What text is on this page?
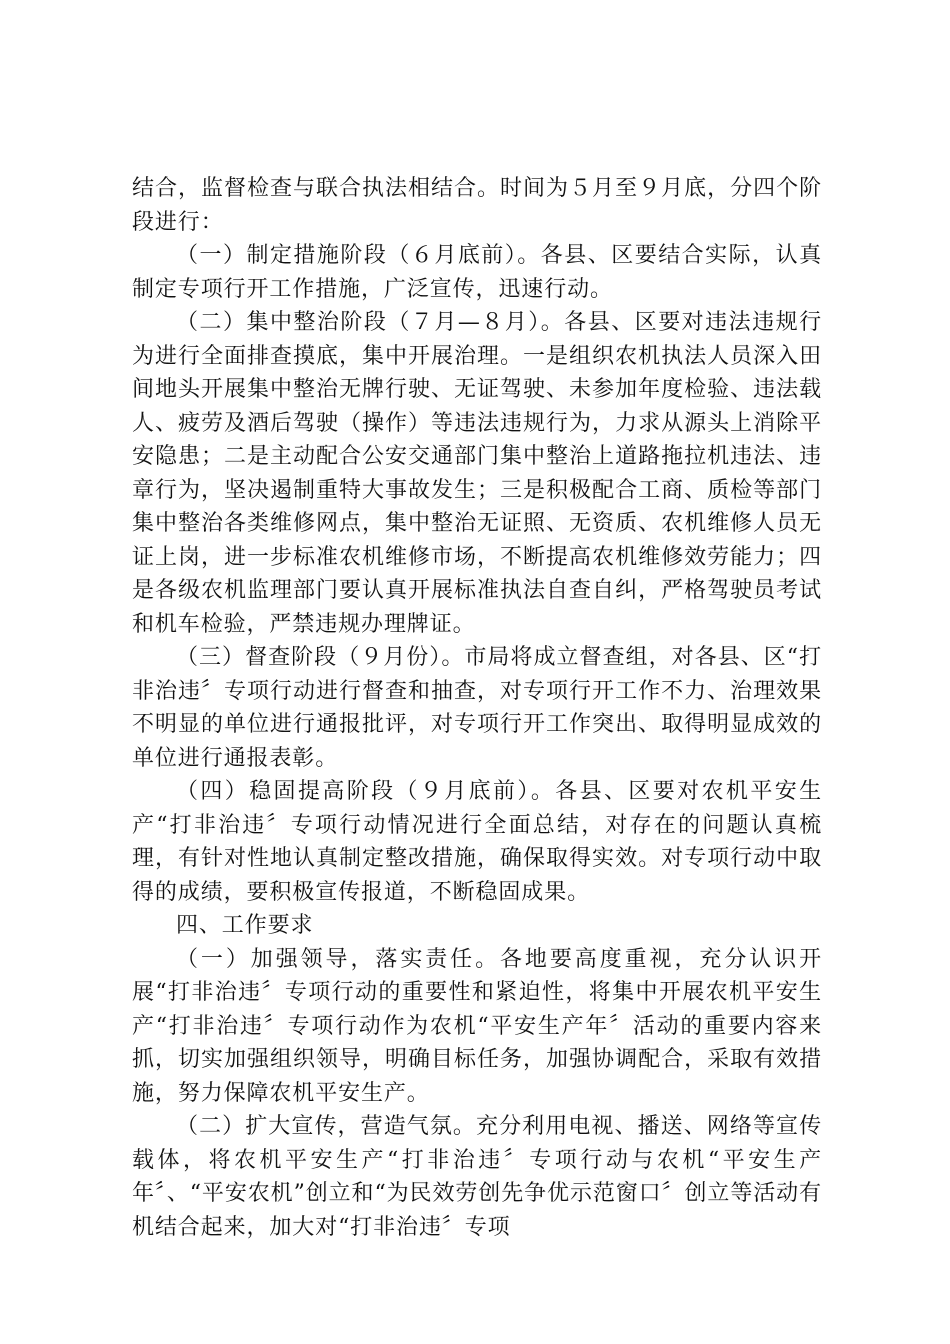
结合，监督检查与联合执法相结合。时间为５月至９月底，分四个阶段进行：

（一）制定措施阶段（６月底前）。各县、区要结合实际，认真制定专项行开工作措施，广泛宣传，迅速行动。

（二）集中整治阶段（７月—８月）。各县、区要对违法违规行为进行全面排查摸底，集中开展治理。一是组织农机执法人员深入田间地头开展集中整治无牌行驶、无证驾驶、未参加年度检验、违法载人、疲劳及酒后驾驶（操作）等违法违规行为，力求从源头上消除平安隐患；二是主动配合公安交通部门集中整治上道路拖拉机违法、违章行为，坚决遏制重特大事故发生；三是积极配合工商、质检等部门集中整治各类维修网点，集中整治无证照、无资质、农机维修人员无证上岗，进一步标准农机维修市场，不断提高农机维修效劳能力；四是各级农机监理部门要认真开展标准执法自查自纠，严格驾驶员考试和机车检验，严禁违规办理牌证。

（三）督查阶段（９月份）。市局将成立督查组，对各县、区“打非治违〞专项行动进行督查和抽查，对专项行开工作不力、治理效果不明显的单位进行通报批评，对专项行开工作突出、取得明显成效的单位进行通报表彰。

（四）稳固提高阶段（９月底前）。各县、区要对农机平安生产“打非治违〞专项行动情况进行全面总结，对存在的问题认真梳理，有针对性地认真制定整改措施，确保取得实效。对专项行动中取得的成绩，要积极宣传报道，不断稳固成果。

四、工作要求

（一）加强领导，落实责任。各地要高度重视，充分认识开展“打非治违〞专项行动的重要性和紧迫性，将集中开展农机平安生产“打非治违〞专项行动作为农机“平安生产年〞活动的重要内容来抓，切实加强组织领导，明确目标任务，加强协调配合，采取有效措施，努力保障农机平安生产。

（二）扩大宣传，营造气氛。充分利用电视、播送、网络等宣传载体，将农机平安生产“打非治违〞专项行动与农机“平安生产年〞、“平安农机”创立和“为民效劳创先争优示范窗口〞创立等活动有机结合起来，加大对“打非治违〞专项
